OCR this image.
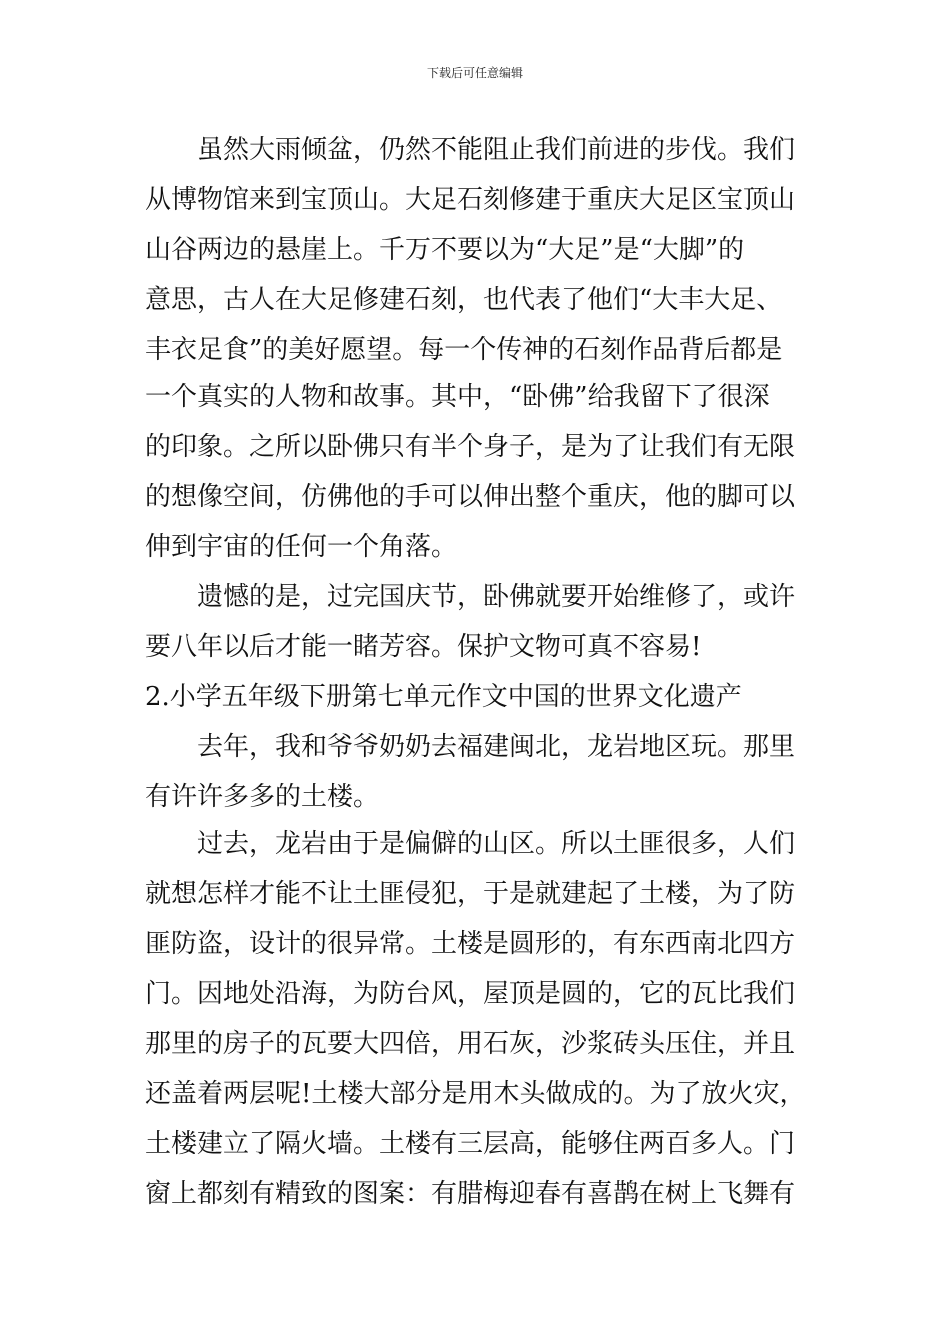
下载后可任意编辑
虽然大雨倾盆，仍然不能阻止我们前进的步伐。我们
从博物馆来到宝顶山。大足石刻修建于重庆大足区宝顶山
山谷两边的悬崖上。千万不要以为“大足”是“大脚”的
意思，古人在大足修建石刻，也代表了他们“大丰大足、
丰衣足食”的美好愿望。每一个传神的石刻作品背后都是
一个真实的人物和故事。其中，“卧佛”给我留下了很深
的印象。之所以卧佛只有半个身子，是为了让我们有无限
的想像空间，仿佛他的手可以伸出整个重庆，他的脚可以
伸到宇宙的任何一个角落。
遗憾的是，过完国庆节，卧佛就要开始维修了，或许
要八年以后才能一睹芳容。保护文物可真不容易!
2.小学五年级下册第七单元作文中国的世界文化遗产
去年，我和爷爷奶奶去福建闽北，龙岩地区玩。那里
有许许多多的土楼。
过去，龙岩由于是偏僻的山区。所以土匪很多，人们
就想怎样才能不让土匪侵犯，于是就建起了土楼，为了防
匪防盗，设计的很异常。土楼是圆形的，有东西南北四方
门。因地处沿海，为防台风，屋顶是圆的，它的瓦比我们
那里的房子的瓦要大四倍，用石灰，沙浆砖头压住，并且
还盖着两层呢!土楼大部分是用木头做成的。为了放火灾，
土楼建立了隔火墙。土楼有三层高，能够住两百多人。门
窗上都刻有精致的图案：有腊梅迎春有喜鹊在树上飞舞有
